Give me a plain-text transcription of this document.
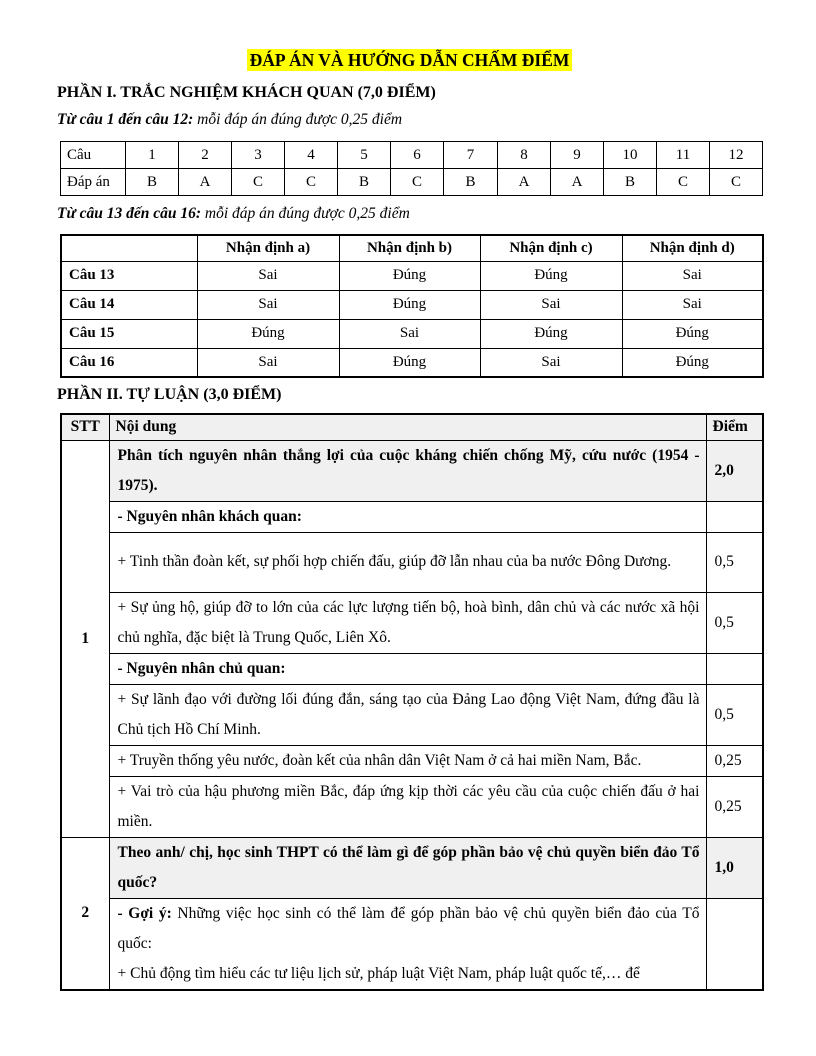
ĐÁP ÁN VÀ HƯỚNG DẪN CHẤM ĐIỂM
PHẦN I. TRẮC NGHIỆM KHÁCH QUAN (7,0 ĐIỂM)
Từ câu 1 đến câu 12: mỗi đáp án đúng được 0,25 điểm
Câu	1	2	3	4	5	6	7	8	9	10	11	12
Đáp án	B	A	C	C	B	C	B	A	A	B	C	C
Từ câu 13 đến câu 16: mỗi đáp án đúng được 0,25 điểm
	Nhận định a)	Nhận định b)	Nhận định c)	Nhận định d)
Câu 13	Sai	Đúng	Đúng	Sai
Câu 14	Sai	Đúng	Sai	Sai
Câu 15	Đúng	Sai	Đúng	Đúng
Câu 16	Sai	Đúng	Sai	Đúng
PHẦN II. TỰ LUẬN (3,0 ĐIỂM)
STT	Nội dung	Điểm
1	Phân tích nguyên nhân thắng lợi của cuộc kháng chiến chống Mỹ, cứu nước (1954 - 1975).	2,0
	- Nguyên nhân khách quan:	
	+ Tinh thần đoàn kết, sự phối hợp chiến đấu, giúp đỡ lẫn nhau của ba nước Đông Dương.	0,5
	+ Sự ủng hộ, giúp đỡ to lớn của các lực lượng tiến bộ, hoà bình, dân chủ và các nước xã hội chủ nghĩa, đặc biệt là Trung Quốc, Liên Xô.	0,5
	- Nguyên nhân chủ quan:	
	+ Sự lãnh đạo với đường lối đúng đắn, sáng tạo của Đảng Lao động Việt Nam, đứng đầu là Chủ tịch Hồ Chí Minh.	0,5
	+ Truyền thống yêu nước, đoàn kết của nhân dân Việt Nam ở cả hai miền Nam, Bắc.	0,25
	+ Vai trò của hậu phương miền Bắc, đáp ứng kịp thời các yêu cầu của cuộc chiến đấu ở hai miền.	0,25
2	Theo anh/ chị, học sinh THPT có thể làm gì để góp phần bảo vệ chủ quyền biển đảo Tổ quốc?	1,0
	- Gợi ý: Những việc học sinh có thể làm để góp phần bảo vệ chủ quyền biển đảo của Tổ quốc:
+ Chủ động tìm hiểu các tư liệu lịch sử, pháp luật Việt Nam, pháp luật quốc tế,… để	
